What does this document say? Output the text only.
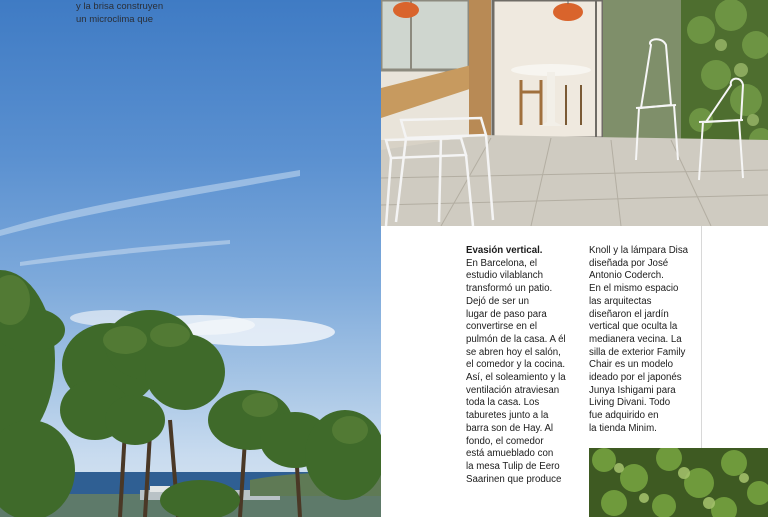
y la brisa construyen
un microclima que
Evasión vertical.
En Barcelona, el
estudio vilablanch
transformó un patio.
Dejó de ser un
lugar de paso para
convertirse en el
pulmón de la casa. A él
se abren hoy el salón,
el comedor y la cocina.
Así, el soleamiento y la
ventilación atraviesan
toda la casa. Los
taburetes junto a la
barra son de Hay. Al
fondo, el comedor
está amueblado con
la mesa Tulip de Eero
Saarinen que produce
Knoll y la lámpara Disa
diseñada por José
Antonio Coderch.
En el mismo espacio
las arquitectas
diseñaron el jardín
vertical que oculta la
medianera vecina. La
silla de exterior Family
Chair es un modelo
ideado por el japonés
Junya Ishigami para
Living Divani. Todo
fue adquirido en
la tienda Minim.
